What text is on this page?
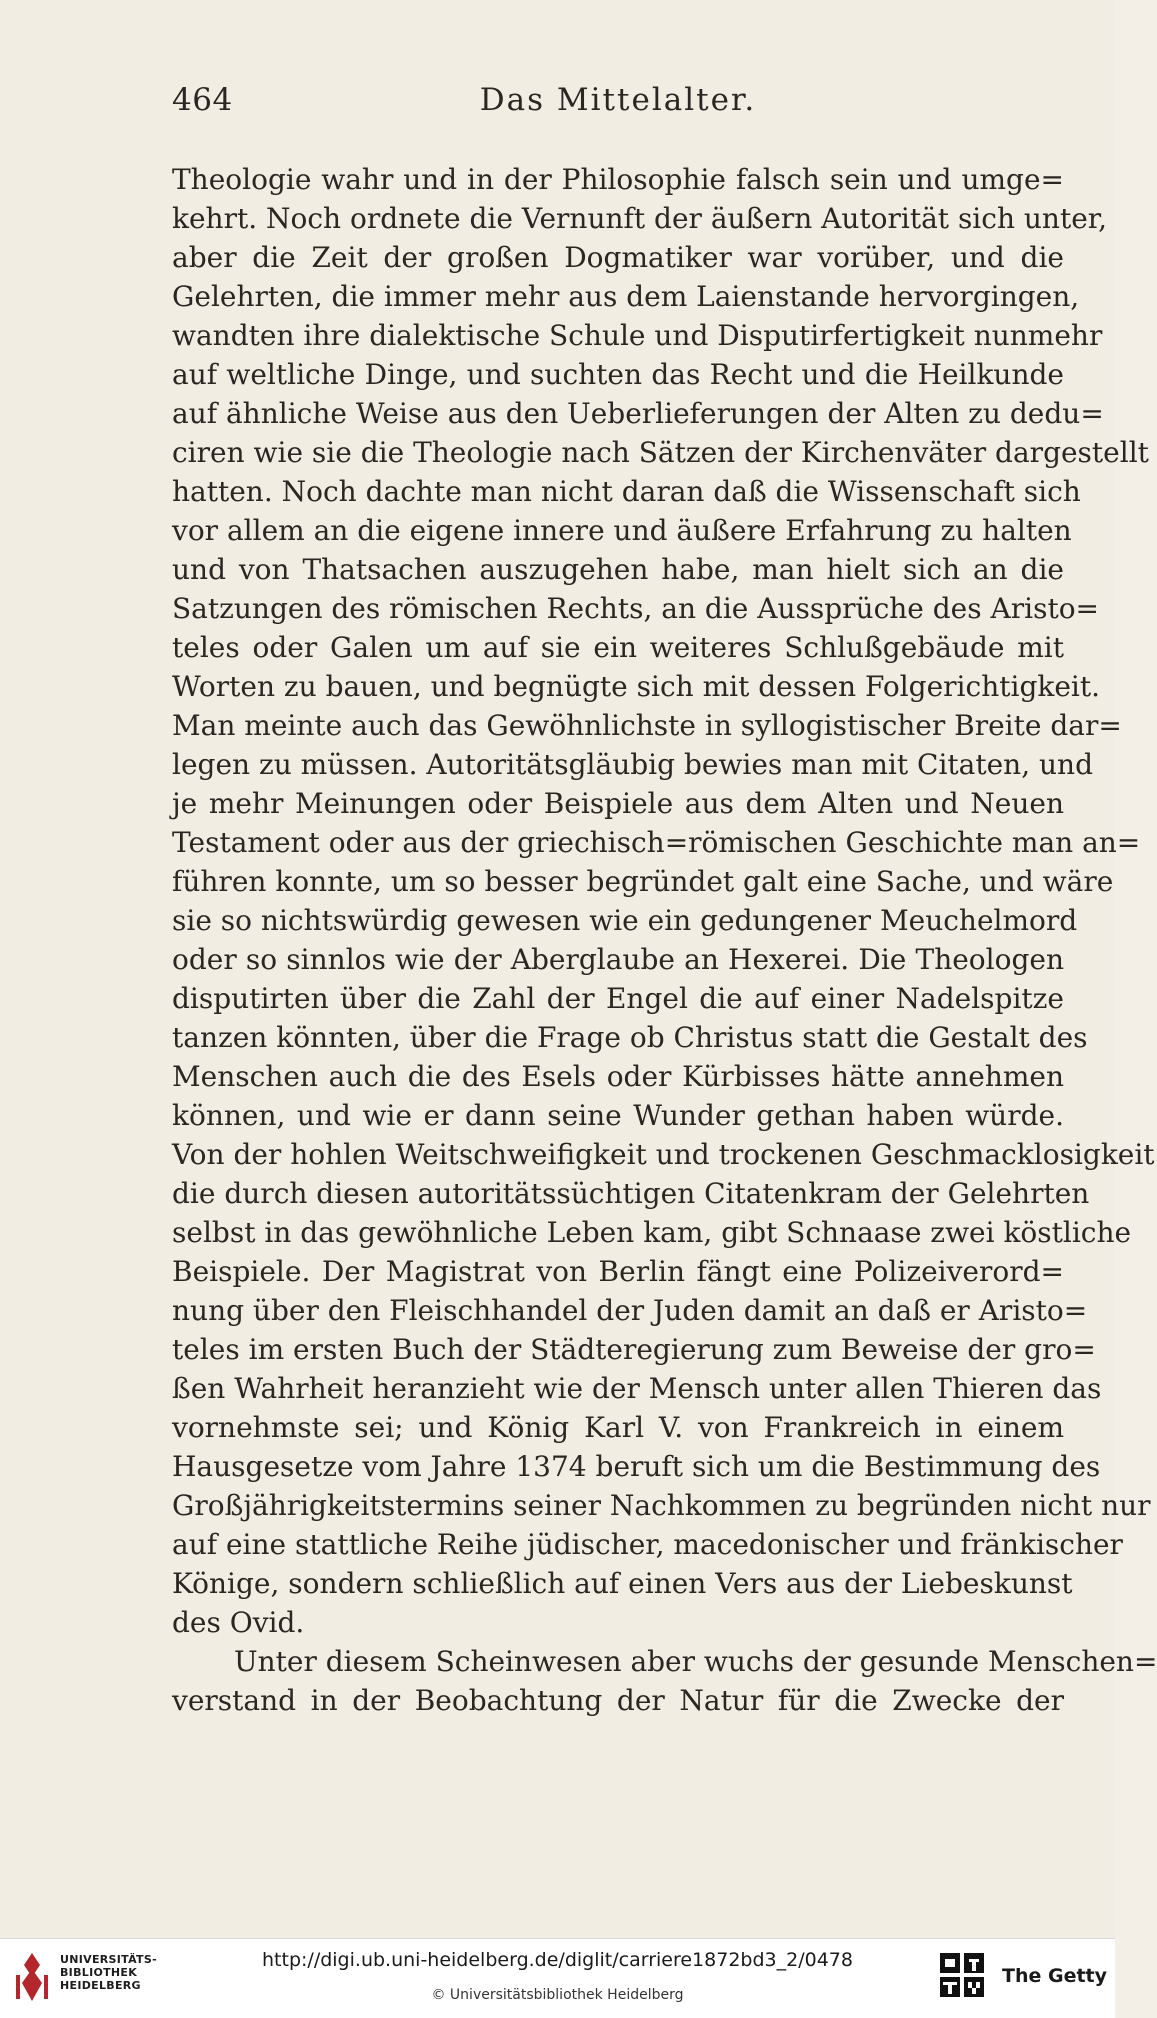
464	Das Mittelalter.
Theologie wahr und in der Philosophie falsch sein und umge=
kehrt. Noch ordnete die Vernunft der äußern Autorität sich unter,
aber die Zeit der großen Dogmatiker war vorüber, und die
Gelehrten, die immer mehr aus dem Laienstande hervorgingen,
wandten ihre dialektische Schule und Disputirfertigkeit nunmehr
auf weltliche Dinge, und suchten das Recht und die Heilkunde
auf ähnliche Weise aus den Ueberlieferungen der Alten zu dedu=
ciren wie sie die Theologie nach Sätzen der Kirchenväter dargestellt
hatten. Noch dachte man nicht daran daß die Wissenschaft sich
vor allem an die eigene innere und äußere Erfahrung zu halten
und von Thatsachen auszugehen habe, man hielt sich an die
Satzungen des römischen Rechts, an die Aussprüche des Aristo=
teles oder Galen um auf sie ein weiteres Schlußgebäude mit
Worten zu bauen, und begnügte sich mit dessen Folgerichtigkeit.
Man meinte auch das Gewöhnlichste in syllogistischer Breite dar=
legen zu müssen. Autoritätsgläubig bewies man mit Citaten, und
je mehr Meinungen oder Beispiele aus dem Alten und Neuen
Testament oder aus der griechisch=römischen Geschichte man an=
führen konnte, um so besser begründet galt eine Sache, und wäre
sie so nichtswürdig gewesen wie ein gedungener Meuchelmord
oder so sinnlos wie der Aberglaube an Hexerei. Die Theologen
disputirten über die Zahl der Engel die auf einer Nadelspitze
tanzen könnten, über die Frage ob Christus statt die Gestalt des
Menschen auch die des Esels oder Kürbisses hätte annehmen
können, und wie er dann seine Wunder gethan haben würde.
Von der hohlen Weitschweifigkeit und trockenen Geschmacklosigkeit
die durch diesen autoritätssüchtigen Citatenkram der Gelehrten
selbst in das gewöhnliche Leben kam, gibt Schnaase zwei köstliche
Beispiele. Der Magistrat von Berlin fängt eine Polizeiverord=
nung über den Fleischhandel der Juden damit an daß er Aristo=
teles im ersten Buch der Städteregierung zum Beweise der gro=
ßen Wahrheit heranzieht wie der Mensch unter allen Thieren das
vornehmste sei; und König Karl V. von Frankreich in einem
Hausgesetze vom Jahre 1374 beruft sich um die Bestimmung des
Großjährigkeitstermins seiner Nachkommen zu begründen nicht nur
auf eine stattliche Reihe jüdischer, macedonischer und fränkischer
Könige, sondern schließlich auf einen Vers aus der Liebeskunst
des Ovid.
Unter diesem Scheinwesen aber wuchs der gesunde Menschen=
verstand in der Beobachtung der Natur für die Zwecke der
UNIVERSITÄTS-
BIBLIOTHEK
HEIDELBERG
http://digi.ub.uni-heidelberg.de/diglit/carriere1872bd3_2/0478
© Universitätsbibliothek Heidelberg
The Getty
